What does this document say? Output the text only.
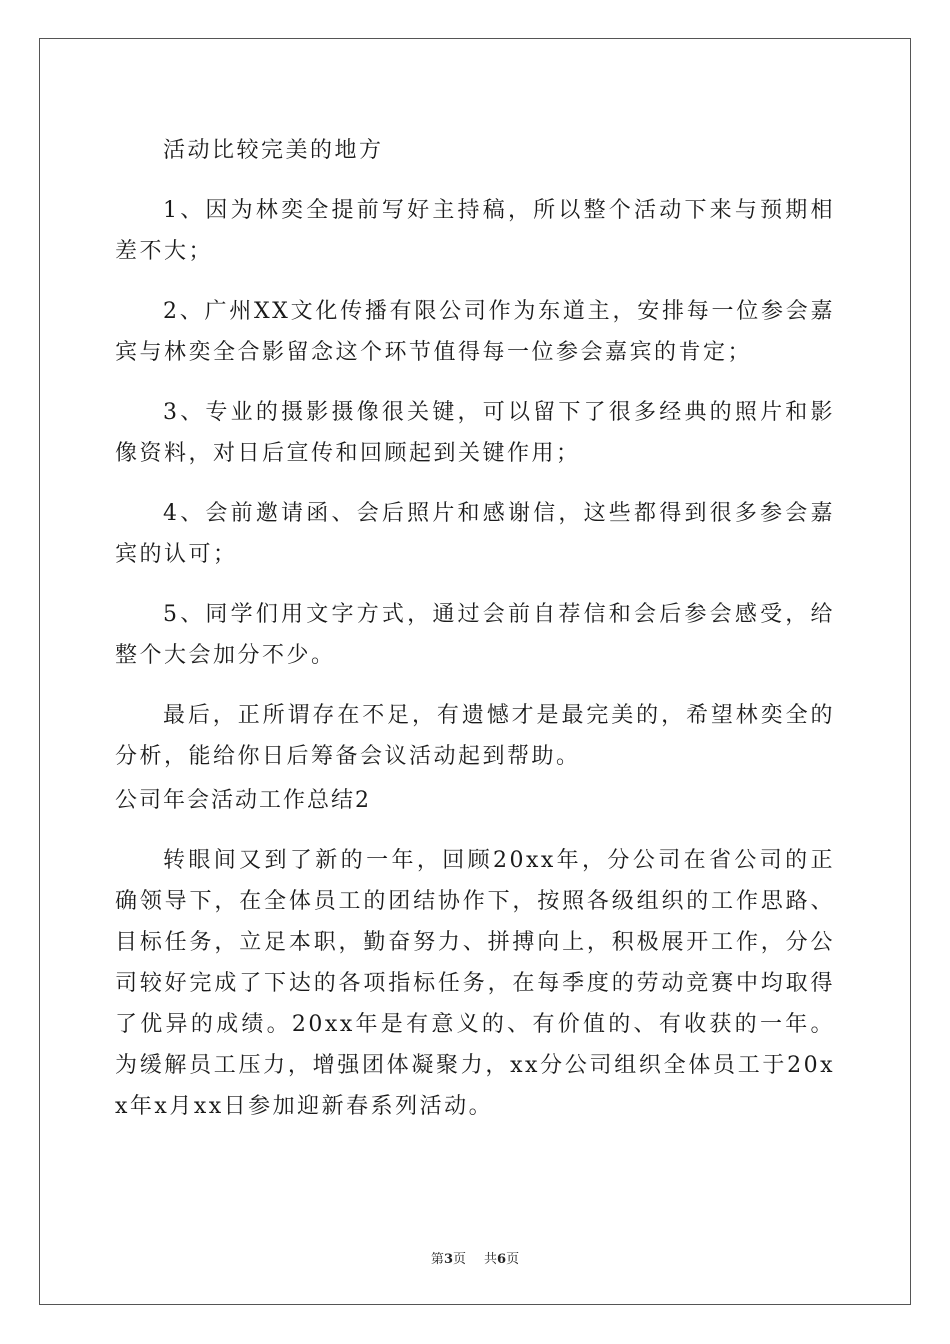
活动比较完美的地方

1、因为林奕全提前写好主持稿，所以整个活动下来与预期相差不大；

2、广州XX文化传播有限公司作为东道主，安排每一位参会嘉宾与林奕全合影留念这个环节值得每一位参会嘉宾的肯定；

3、专业的摄影摄像很关键，可以留下了很多经典的照片和影像资料，对日后宣传和回顾起到关键作用；

4、会前邀请函、会后照片和感谢信，这些都得到很多参会嘉宾的认可；

5、同学们用文字方式，通过会前自荐信和会后参会感受，给整个大会加分不少。

最后，正所谓存在不足，有遗憾才是最完美的，希望林奕全的分析，能给你日后筹备会议活动起到帮助。

公司年会活动工作总结2

转眼间又到了新的一年，回顾20xx年，分公司在省公司的正确领导下，在全体员工的团结协作下，按照各级组织的工作思路、目标任务，立足本职，勤奋努力、拼搏向上，积极展开工作，分公司较好完成了下达的各项指标任务，在每季度的劳动竞赛中均取得了优异的成绩。20xx年是有意义的、有价值的、有收获的一年。为缓解员工压力，增强团体凝聚力，xx分公司组织全体员工于20xx年x月xx日参加迎新春系列活动。

第3页 共6页
